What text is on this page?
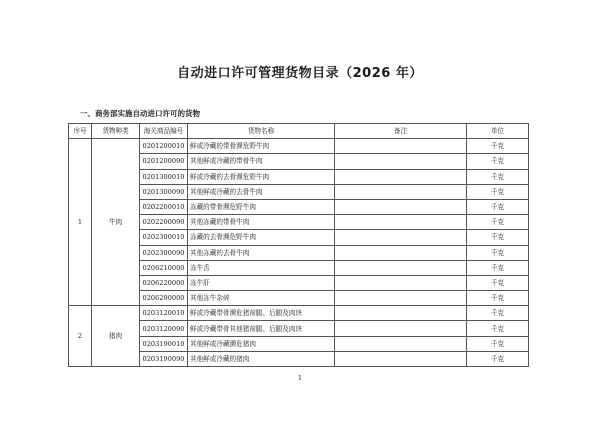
自动进口许可管理货物目录（2026 年）
一、商务部实施自动进口许可的货物
序号	货物种类	海关商品编号	货物名称	备注	单位
1	牛肉	0201200010	鲜或冷藏的带骨濒危野牛肉		千克
		0201200090	其他鲜或冷藏的带骨牛肉		千克
		0201300010	鲜或冷藏的去骨濒危野牛肉		千克
		0201300090	其他鲜或冷藏的去骨牛肉		千克
		0202200010	冻藏的带骨濒危野牛肉		千克
		0202200090	其他冻藏的带骨牛肉		千克
		0202300010	冻藏的去骨濒危野牛肉		千克
		0202300090	其他冻藏的去骨牛肉		千克
		0206210000	冻牛舌		千克
		0206220000	冻牛肝		千克
		0206290000	其他冻牛杂碎		千克
2	猪肉	0203120010	鲜或冷藏带骨濒危猪前腿、后腿及肉块		千克
		0203120090	鲜或冷藏带骨其他猪前腿、后腿及肉块		千克
		0203190010	其他鲜或冷藏濒危猪肉		千克
		0203190090	其他鲜或冷藏的猪肉		千克
1
